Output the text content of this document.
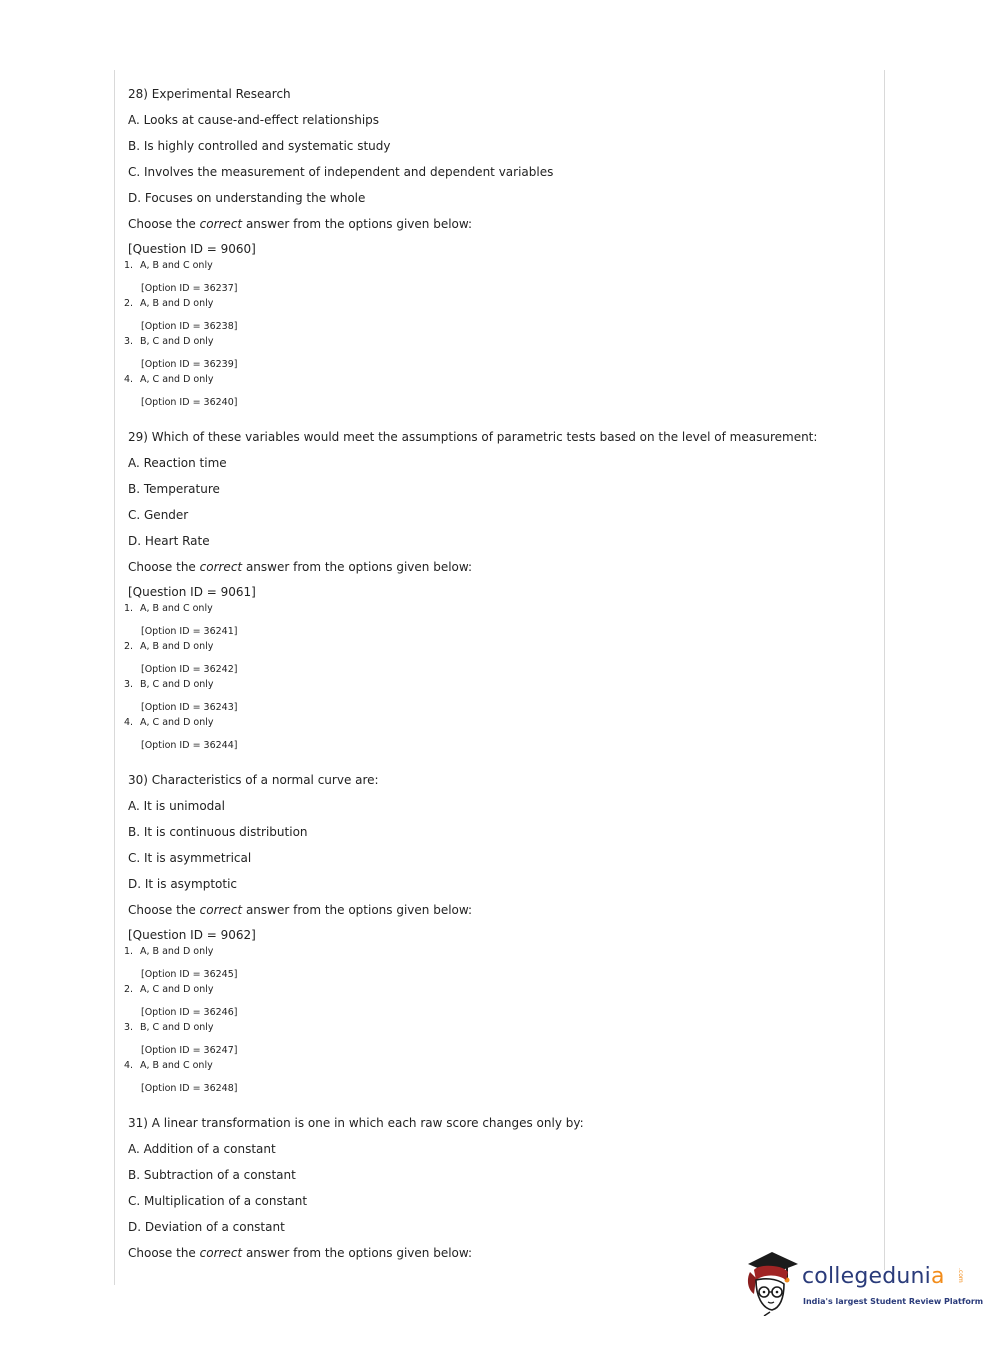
28) Experimental Research
A. Looks at cause-and-effect relationships
B. Is highly controlled and systematic study
C. Involves the measurement of independent and dependent variables
D. Focuses on understanding the whole
Choose the correct answer from the options given below:
[Question ID = 9060]
1. A, B and C only
[Option ID = 36237]
2. A, B and D only
[Option ID = 36238]
3. B, C and D only
[Option ID = 36239]
4. A, C and D only
[Option ID = 36240]
29) Which of these variables would meet the assumptions of parametric tests based on the level of measurement:
A. Reaction time
B. Temperature
C. Gender
D. Heart Rate
Choose the correct answer from the options given below:
[Question ID = 9061]
1. A, B and C only
[Option ID = 36241]
2. A, B and D only
[Option ID = 36242]
3. B, C and D only
[Option ID = 36243]
4. A, C and D only
[Option ID = 36244]
30) Characteristics of a normal curve are:
A. It is unimodal
B. It is continuous distribution
C. It is asymmetrical
D. It is asymptotic
Choose the correct answer from the options given below:
[Question ID = 9062]
1. A, B and D only
[Option ID = 36245]
2. A, C and D only
[Option ID = 36246]
3. B, C and D only
[Option ID = 36247]
4. A, B and C only
[Option ID = 36248]
31) A linear transformation is one in which each raw score changes only by:
A. Addition of a constant
B. Subtraction of a constant
C. Multiplication of a constant
D. Deviation of a constant
Choose the correct answer from the options given below:
collegedunia .com
India's largest Student Review Platform
